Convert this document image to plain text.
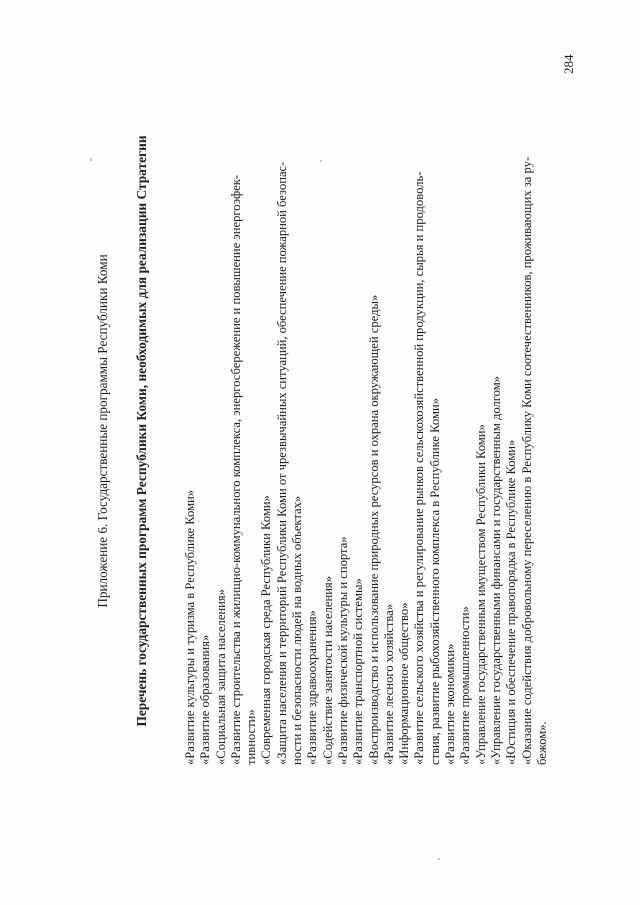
284
Приложение 6. Государственные программы Республики Коми Перечень государственных программ Республики Коми, необходимых для реализации Стратегии	«Развитие культуры и туризма в Республике Коми» «Развитие образования» «Социальная защита населения» «Развитие строительства и жилищно-коммунального комплекса, энергосбережение и повышение энергоэфек- тивности» «Современная городская среда Республики Коми» «Защита населения и территорий Республики Коми от чрезвычайных ситуаций, обеспечение пожарной безопас- ности и безопасности людей на водных объектах» «Развитие здравоохранения» «Содействие занятости населения» «Развитие физической культуры и спорта» «Развитие транспортной системы» «Воспроизводство и использование природных ресурсов и охрана окружающей среды» «Развитие лесного хозяйства» «Информационное общество» «Развитие сельского хозяйства и регулирование рынков сельскохозяйственной продукции, сырья и продоволь- ствия, развитие рыбохозяйственного комплекса в Республике Коми» «Развитие экономики» «Развитие промышленности» «Управление государственным имуществом Республики Коми» «Управление государственными финансами и государственным долгом» «Юстиция и обеспечение правопорядка в Республике Коми» «Оказание содействия добровольному переселению в Республику Коми соотечественников, проживающих за ру- бежом».
